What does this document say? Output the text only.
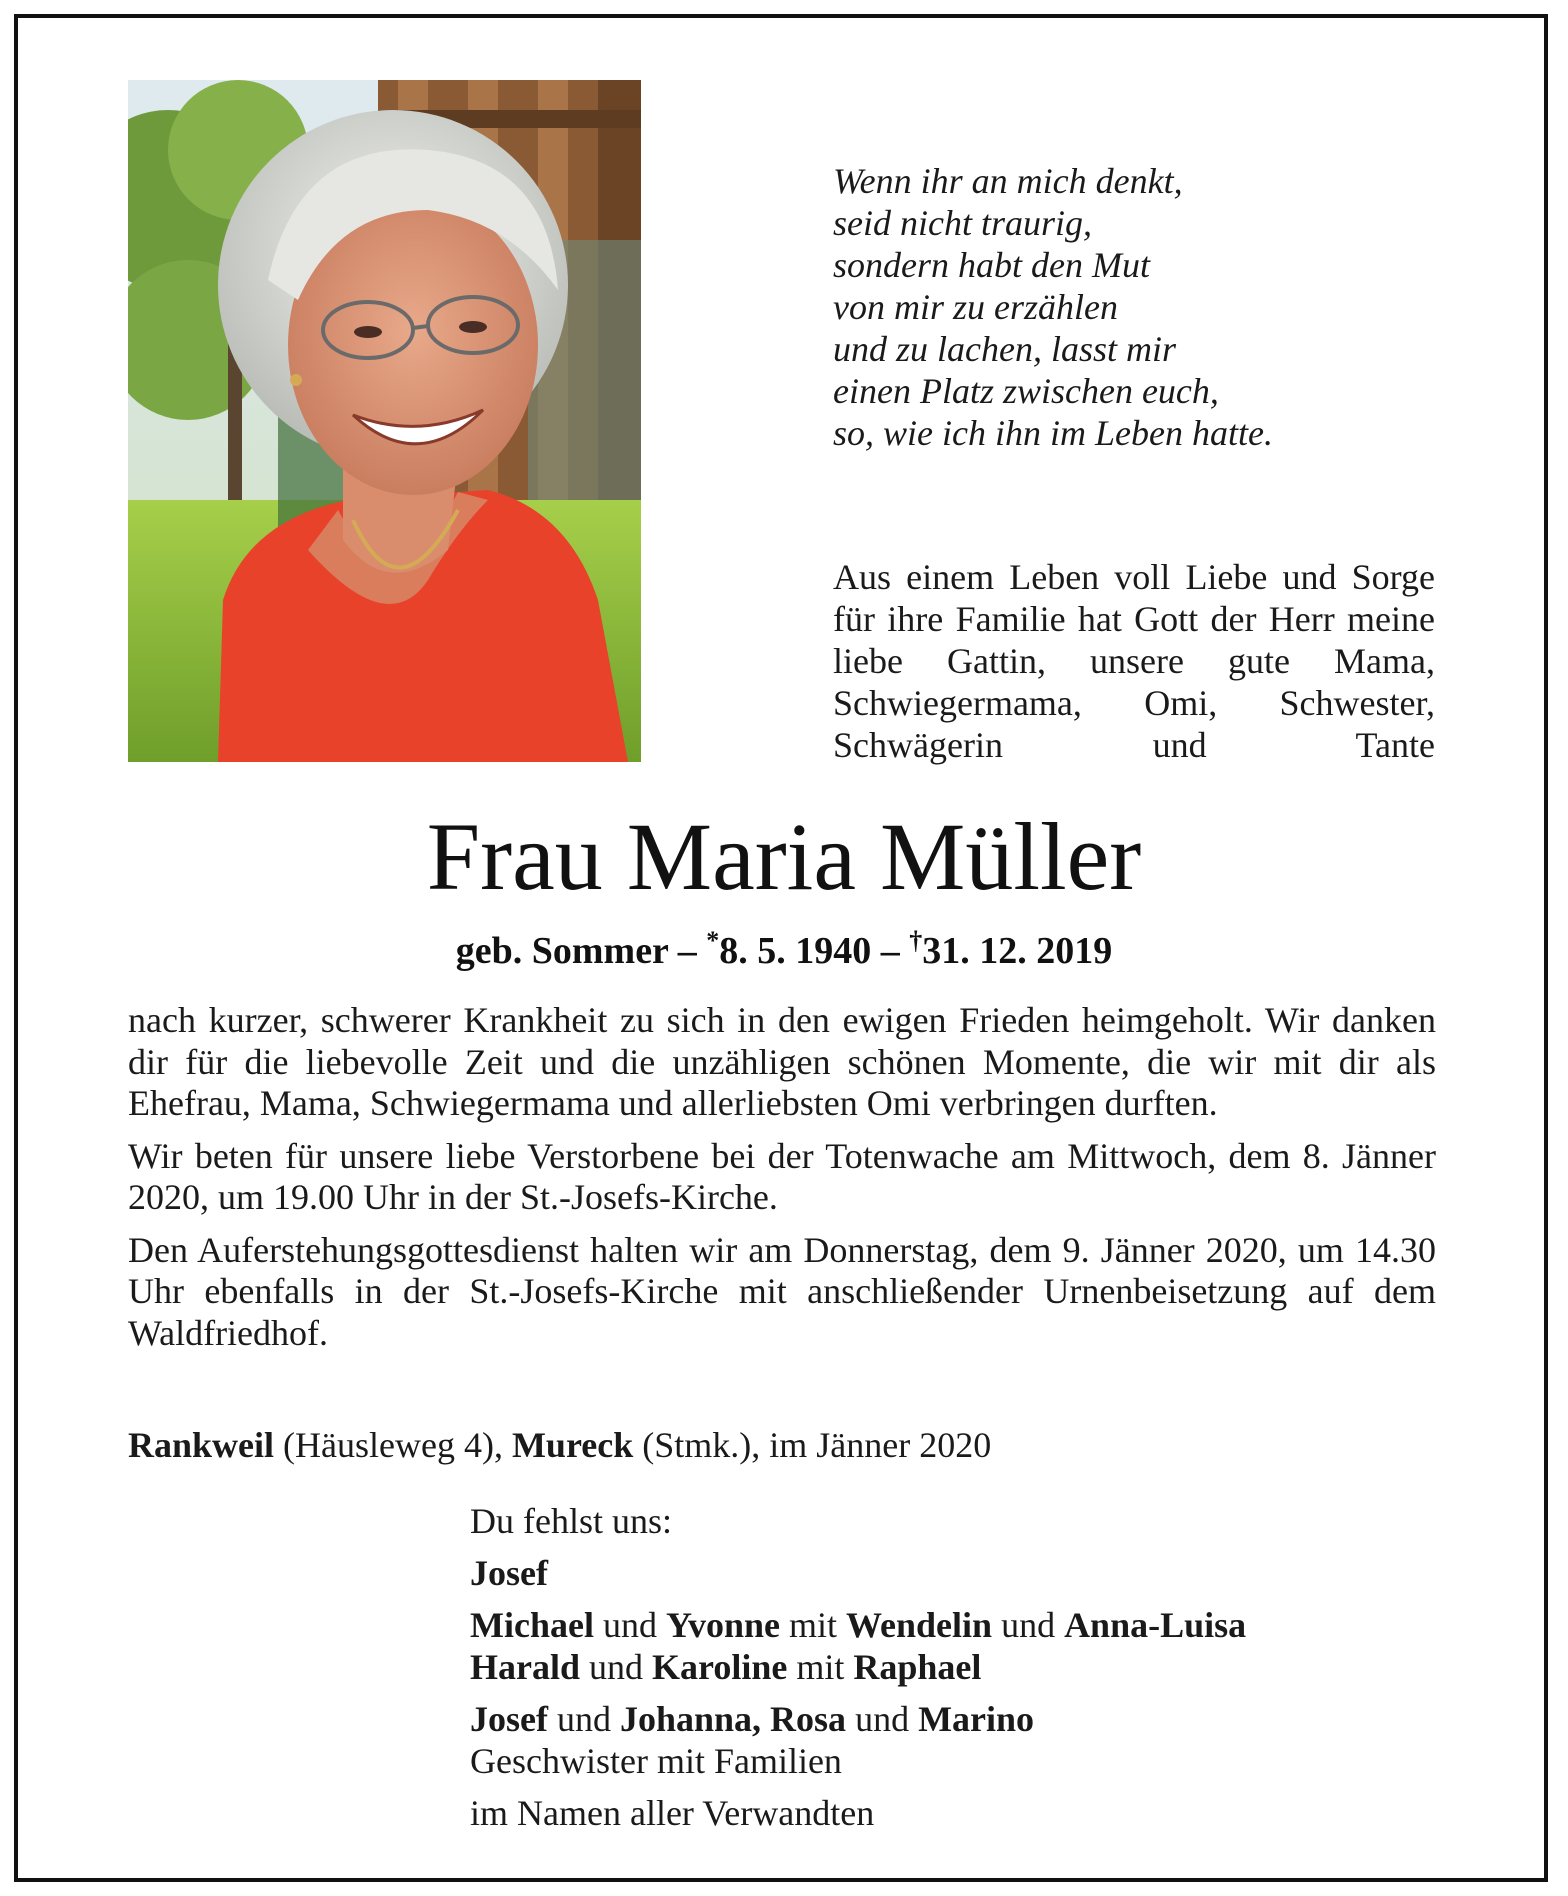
Wenn ihr an mich denkt,
seid nicht traurig,
sondern habt den Mut
von mir zu erzählen
und zu lachen, lasst mir
einen Platz zwischen euch,
so, wie ich ihn im Leben hatte.
Aus einem Leben voll Liebe und Sorge für ihre Familie hat Gott der Herr meine liebe Gattin, unsere gute Mama, Schwiegermama, Omi, Schwester, Schwägerin und Tante
Frau Maria Müller
geb. Sommer – *8. 5. 1940 – †31. 12. 2019

nach kurzer, schwerer Krankheit zu sich in den ewigen Frieden heimgeholt. Wir danken dir für die liebevolle Zeit und die unzähligen schönen Momente, die wir mit dir als Ehefrau, Mama, Schwiegermama und allerliebsten Omi verbringen durften.

Wir beten für unsere liebe Verstorbene bei der Totenwache am Mittwoch, dem 8. Jänner 2020, um 19.00 Uhr in der St.-Josefs-Kirche.

Den Auferstehungsgottesdienst halten wir am Donnerstag, dem 9. Jänner 2020, um 14.30 Uhr ebenfalls in der St.-Josefs-Kirche mit anschließender Urnenbeisetzung auf dem Waldfriedhof.

Rankweil (Häusleweg 4), Mureck (Stmk.), im Jänner 2020
Du fehlst uns:
Josef
Michael und Yvonne mit Wendelin und Anna-Luisa
Harald und Karoline mit Raphael
Josef und Johanna, Rosa und Marino
Geschwister mit Familien
im Namen aller Verwandten
